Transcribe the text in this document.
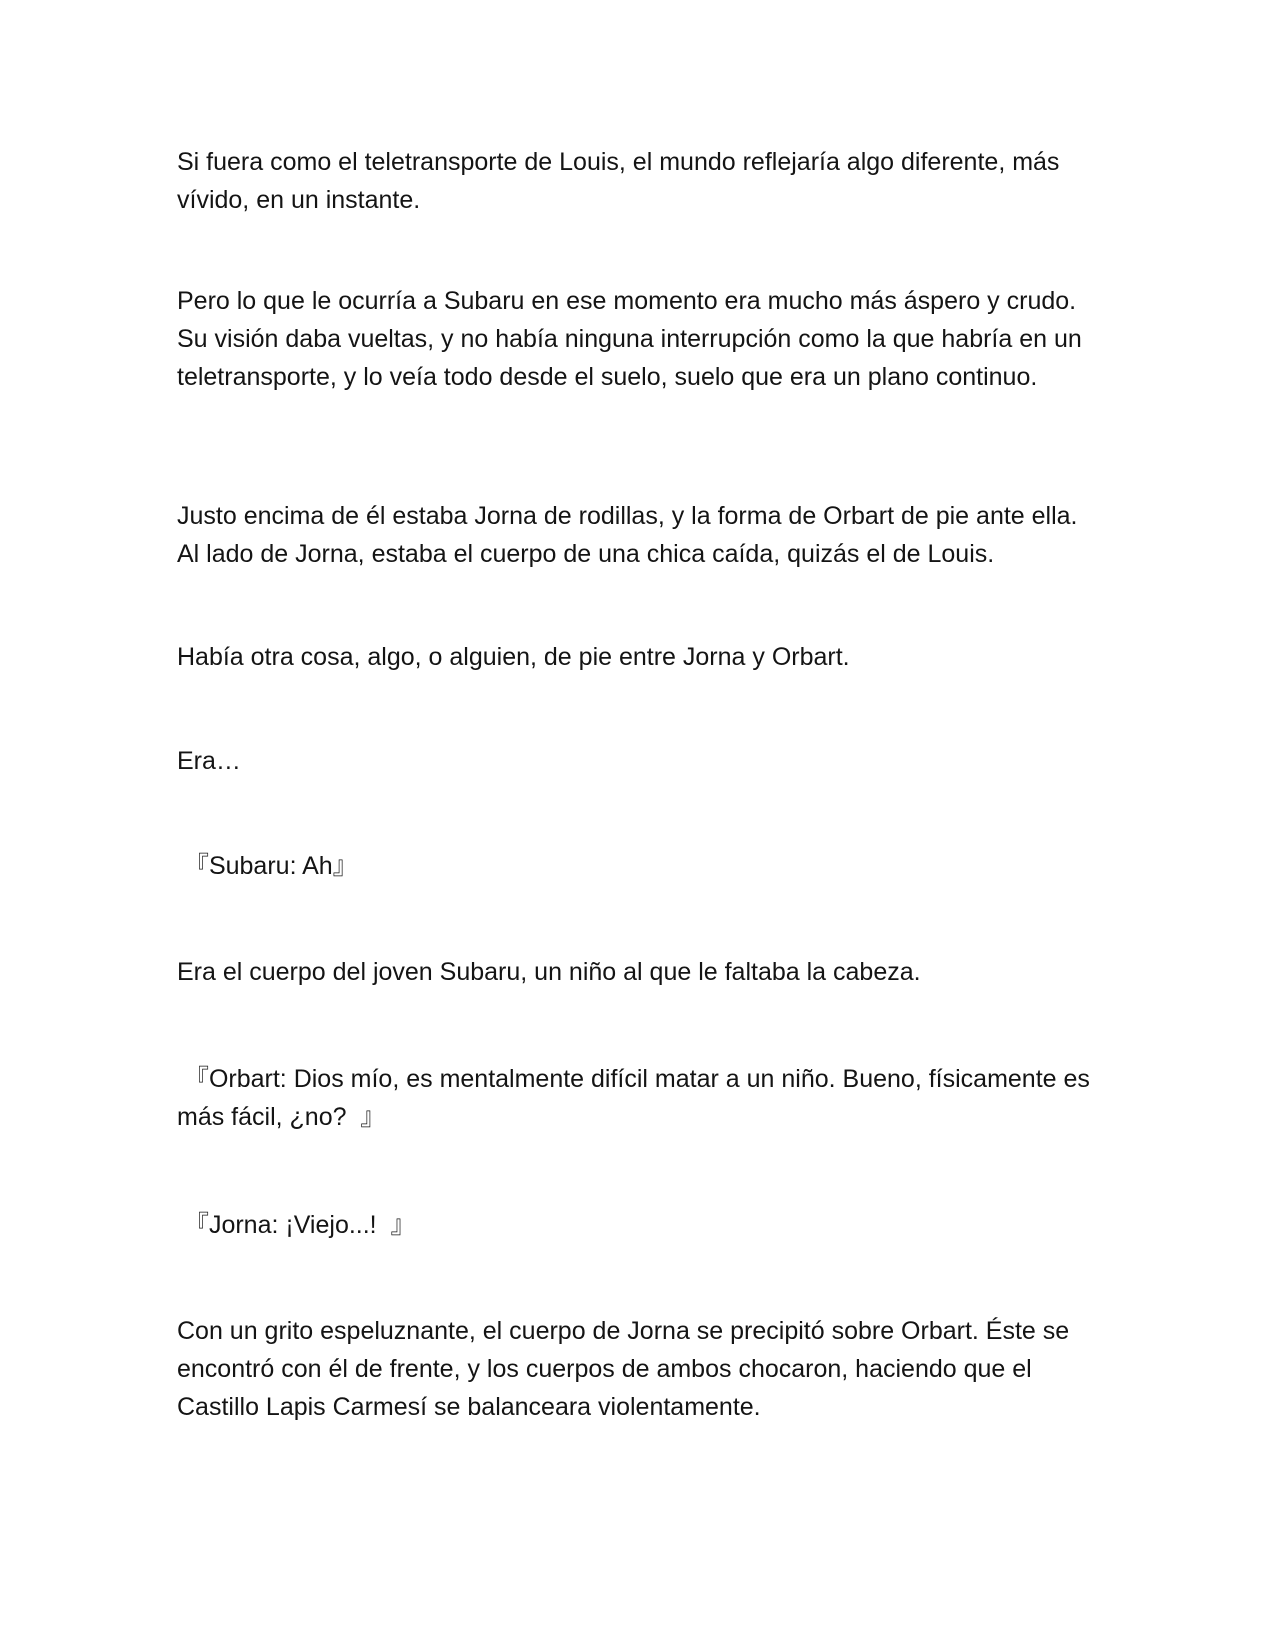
Si fuera como el teletransporte de Louis, el mundo reflejaría algo diferente, más vívido, en un instante.

Pero lo que le ocurría a Subaru en ese momento era mucho más áspero y crudo. Su visión daba vueltas, y no había ninguna interrupción como la que habría en un teletransporte, y lo veía todo desde el suelo, suelo que era un plano continuo.

Justo encima de él estaba Jorna de rodillas, y la forma de Orbart de pie ante ella.  Al lado de Jorna, estaba el cuerpo de una chica caída, quizás el de Louis.

Había otra cosa, algo, o alguien, de pie entre Jorna y Orbart.

Era…

『Subaru: Ah』

Era el cuerpo del joven Subaru, un niño al que le faltaba la cabeza.

『Orbart: Dios mío, es mentalmente difícil matar a un niño. Bueno, físicamente es más fácil, ¿no?  』

『Jorna: ¡Viejo...!  』

Con un grito espeluznante, el cuerpo de Jorna se precipitó sobre Orbart. Éste se encontró con él de frente, y los cuerpos de ambos chocaron, haciendo que el Castillo Lapis Carmesí se balanceara violentamente.
